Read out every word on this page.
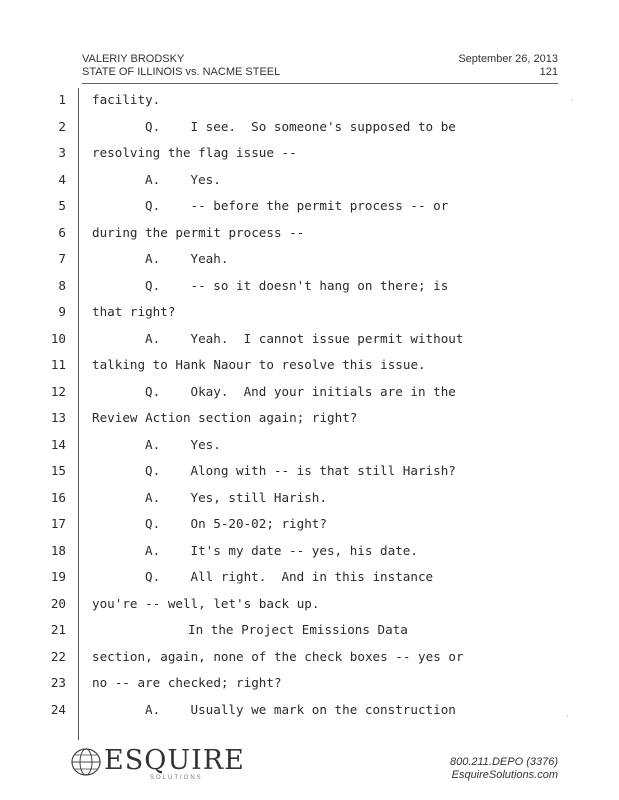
VALERIY BRODSKY
STATE OF ILLINOIS vs. NACME STEEL
September 26, 2013
121
1 facility.
2	Q.    I see.  So someone's supposed to be
3 resolving the flag issue --
4	A.    Yes.
5	Q.    -- before the permit process -- or
6 during the permit process --
7	A.    Yeah.
8	Q.    -- so it doesn't hang on there; is
9 that right?
10	A.    Yeah.  I cannot issue permit without
11 talking to Hank Naour to resolve this issue.
12	Q.    Okay.  And your initials are in the
13 Review Action section again; right?
14	A.    Yes.
15	Q.    Along with -- is that still Harish?
16	A.    Yes, still Harish.
17	Q.    On 5-20-02; right?
18	A.    It's my date -- yes, his date.
19	Q.    All right.  And in this instance
20 you're -- well, let's back up.
21	In the Project Emissions Data
22 section, again, none of the check boxes -- yes or
23 no -- are checked; right?
24	A.    Usually we mark on the construction
ESQUIRE
SOLUTIONS
800.211.DEPO (3376)
EsquireSolutions.com
ˊ
ˋ
